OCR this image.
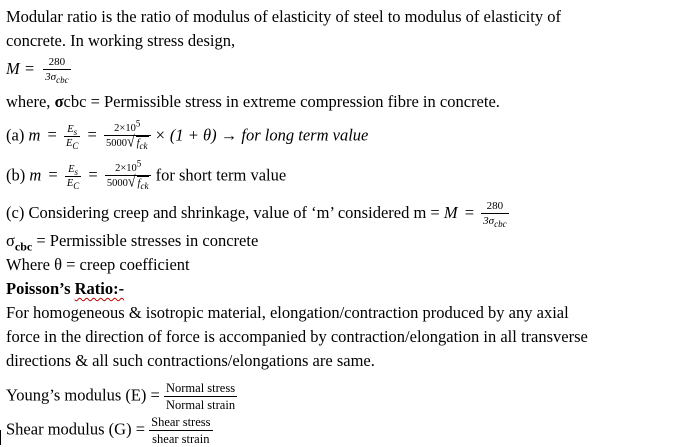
Modular ratio is the ratio of modulus of elasticity of steel to modulus of elasticity of
concrete. In working stress design,
$M = \frac{280}{3\sigma_{cbc}}$
where, σcbc = Permissible stress in extreme compression fibre in concrete.
(a) $m = \frac{E_s}{E_C} = \frac{2\times 10^5}{5000√ f_{ck}} \times (1 + \theta)$ → for long term value
(b) $m = \frac{E_s}{E_C} = \frac{2\times 10^5}{5000√ f_{ck}}$ for short term value
(c) Considering creep and shrinkage, value of ‘m’ considered $m = M = \frac{280}{3\sigma_{cbc}}$
$\sigma_{cbc}$ = Permissible stresses in concrete
Where θ = creep coefficient
Poisson’s Ratio:-
For homogeneous & isotropic material, elongation/contraction produced by any axial
force in the direction of force is accompanied by contraction/elongation in all transverse
directions & all such contractions/elongations are same.
Young’s modulus $(E) = \frac{\text{Normal stress}}{\text{Normal strain}}$
Shear modulus $(G) = \frac{\text{Shear stress}}{\text{shear strain}}$
